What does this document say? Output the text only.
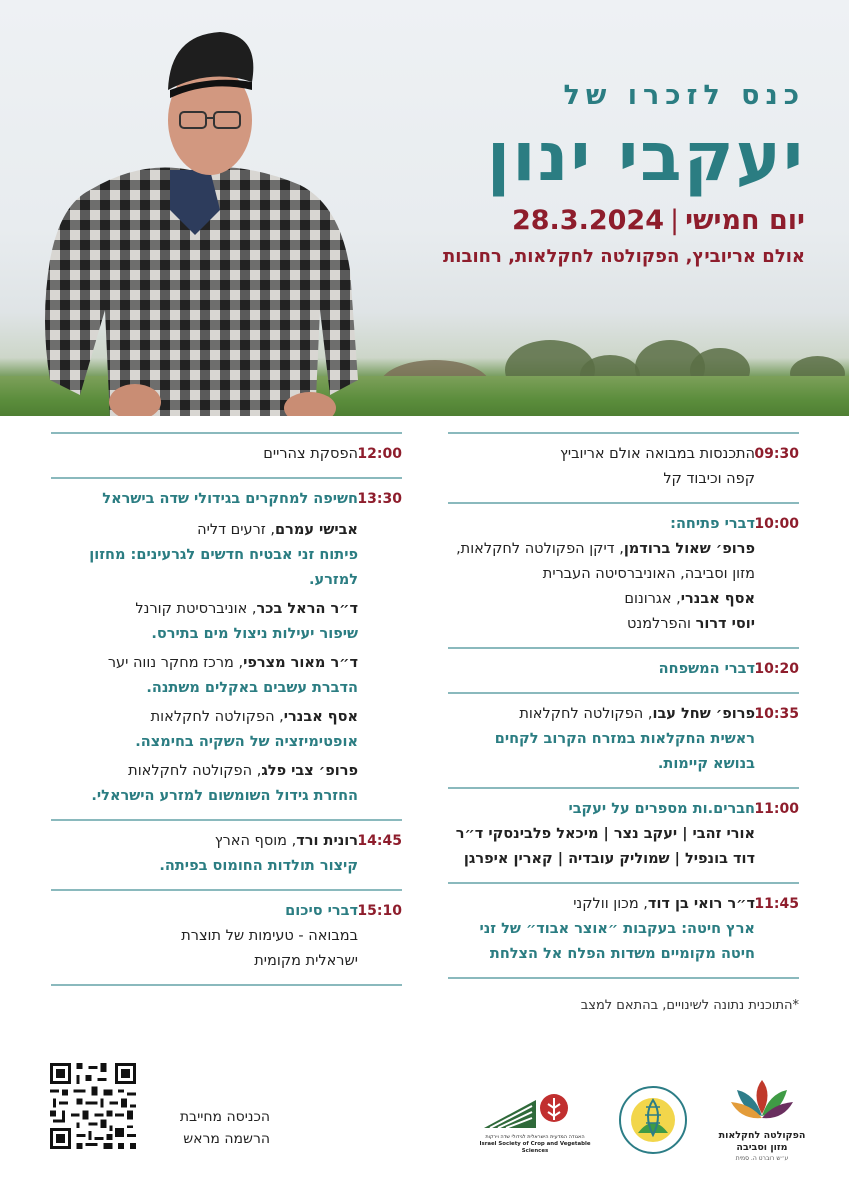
כנס לזכרו של
יעקבי ינון
יום חמישי|28.3.2024
אולם אריוביץ, הפקולטה לחקלאות, רחובות
09:30
התכנסות במבואה אולם אריוביץ
קפה וכיבוד קל
10:00
דברי פתיחה:
פרופ׳ שאול ברודמן, דיקן הפקולטה לחקלאות, מזון וסביבה, האוניברסיטה העברית
אסף אבנרי, אגרונום
יוסי דרור והפרלמנט
10:20
דברי המשפחה
10:35
פרופ׳ שחל עבו, הפקולטה לחקלאות
ראשית החקלאות במזרח הקרוב לקחים בנושא קיימות.
11:00
חברים.ות מספרים על יעקבי
אורי זהבי | יעקב נצר | מיכאל פלבינסקי ד״ר דוד בונפיל | שמוליק עובדיה | קארין איפרגן
11:45
ד״ר רואי בן דוד, מכון וולקני
ארץ חיטה: בעקבות ״אוצר אבוד״ של זני חיטה מקומיים משדות הפלח אל הצלחת
12:00
הפסקת צהריים
13:30
חשיפה למחקרים בגידולי שדה בישראל
אבישי עמרם, זרעים דליה
פיתוח זני אבטיח חדשים לגרעינים: מחזון למזרע.
ד״ר הראל בכר, אוניברסיטת קורנל
שיפור יעילות ניצול מים בתירס.
ד״ר מאור מצרפי, מרכז מחקר נווה יער
הדברת עשבים באקלים משתנה.
אסף אבנרי, הפקולטה לחקלאות
אופטימיזציה של השקיה בחימצה.
פרופ׳ צבי פלג, הפקולטה לחקלאות
החזרת גידול השומשום למזרע הישראלי.
14:45
רונית ורד, מוסף הארץ
קיצור תולדות החומוס בפיתה.
15:10
דברי סיכום
במבואה - טעימות של תוצרת
ישראלית מקומית
*התוכנית נתונה לשינויים, בהתאם למצב
הכניסה מחייבת
הרשמה מראש	האגודה המדעית הישראלית לגידולי שדה וירקות
Israel Society of Crop and Vegetable Sciences
הפקולטה לחקלאות
מזון וסביבה
ע״ש רוברט ה. סמית
